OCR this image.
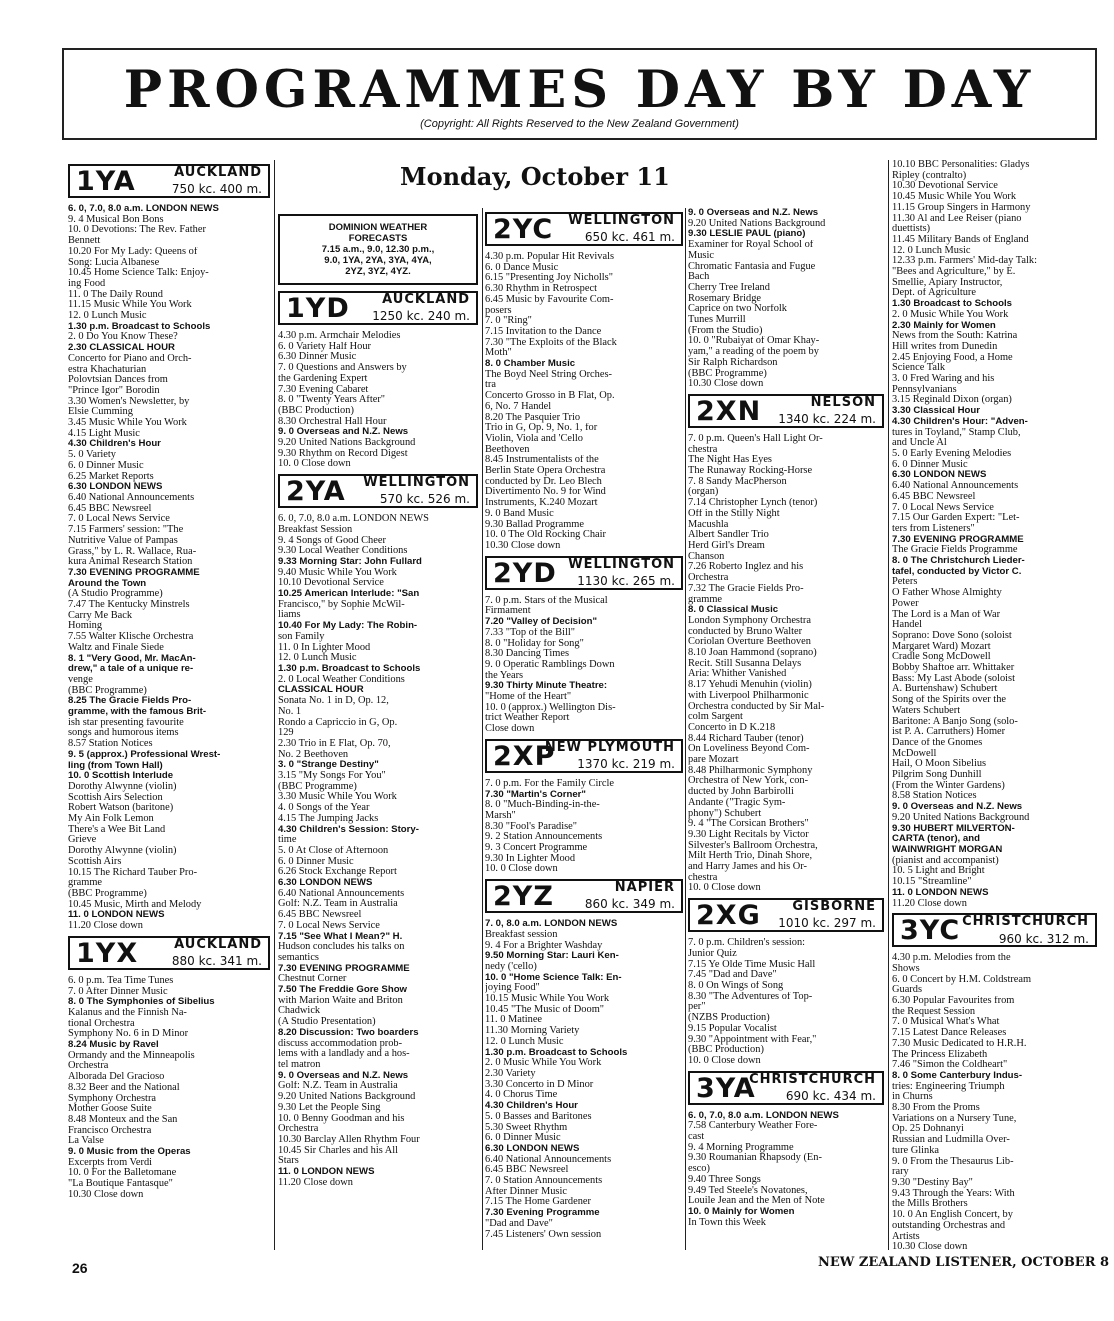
PROGRAMMES DAY BY DAY
(Copyright: All Rights Reserved to the New Zealand Government)
Monday, October 11
1YA	AUCKLAND
750 kc. 400 m.
6. 0, 7.0, 8.0 a.m. LONDON NEWS
9. 4 Musical Bon Bons
10. 0 Devotions: The Rev. Father
Bennett
10.20 For My Lady: Queens of
Song: Lucia Albanese
10.45 Home Science Talk: Enjoy-
ing Food
11. 0 The Daily Round
11.15 Music While You Work
12. 0 Lunch Music
1.30 p.m. Broadcast to Schools
2. 0 Do You Know These?
2.30 CLASSICAL HOUR
Concerto for Piano and Orch-
estra Khachaturian
Polovtsian Dances from
"Prince Igor" Borodin
3.30 Women's Newsletter, by
Elsie Cumming
3.45 Music While You Work
4.15 Light Music
4.30 Children's Hour
5. 0 Variety
6. 0 Dinner Music
6.25 Market Reports
6.30 LONDON NEWS
6.40 National Announcements
6.45 BBC Newsreel
7. 0 Local News Service
7.15 Farmers' session: "The
Nutritive Value of Pampas
Grass," by L. R. Wallace, Rua-
kura Animal Research Station
7.30 EVENING PROGRAMME
Around the Town
(A Studio Programme)
7.47 The Kentucky Minstrels
Carry Me Back
Homing
7.55 Walter Klische Orchestra
Waltz and Finale Siede
8. 1 "Very Good, Mr. MacAn-
drew," a tale of a unique re-
venge
(BBC Programme)
8.25 The Gracie Fields Pro-
gramme, with the famous Brit-
ish star presenting favourite
songs and humorous items
8.57 Station Notices
9. 5 (approx.) Professional Wrest-
ling (from Town Hall)
10. 0 Scottish Interlude
Dorothy Alwynne (violin)
Scottish Airs Selection
Robert Watson (baritone)
My Ain Folk Lemon
There's a Wee Bit Land
Grieve
Dorothy Alwynne (violin)
Scottish Airs
10.15 The Richard Tauber Pro-
gramme
(BBC Programme)
10.45 Music, Mirth and Melody
11. 0 LONDON NEWS
11.20 Close down
1YX	AUCKLAND
880 kc. 341 m.
6. 0 p.m. Tea Time Tunes
7. 0 After Dinner Music
8. 0 The Symphonies of Sibelius
Kalanus and the Finnish Na-
tional Orchestra
Symphony No. 6 in D Minor
8.24 Music by Ravel
Ormandy and the Minneapolis
Orchestra
Alborada Del Gracioso
8.32 Beer and the National
Symphony Orchestra
Mother Goose Suite
8.48 Monteux and the San
Francisco Orchestra
La Valse
9. 0 Music from the Operas
Excerpts from Verdi
10. 0 For the Balletomane
"La Boutique Fantasque"
10.30 Close down
DOMINION WEATHER
FORECASTS
7.15 a.m., 9.0, 12.30 p.m.,
9.0, 1YA, 2YA, 3YA, 4YA,
2YZ, 3YZ, 4YZ.
1YD AUCKLAND
1250 kc. 240 m.
4.30 p.m. Armchair Melodies
6. 0 Variety Half Hour
6.30 Dinner Music
7. 0 Questions and Answers by
the Gardening Expert
7.30 Evening Cabaret
8. 0 "Twenty Years After"
(BBC Production)
8.30 Orchestral Hall Hour
9. 0 Overseas and N.Z. News
9.20 United Nations Background
9.30 Rhythm on Record Digest
10. 0 Close down
2YA WELLINGTON
570 kc. 526 m.
6. 0, 7.0, 8.0 a.m. LONDON NEWS
Breakfast Session
9. 4 Songs of Good Cheer
9.30 Local Weather Conditions
9.33 Morning Star: John Fullard
9.40 Music While You Work
10.10 Devotional Service
10.25 American Interlude: "San
Francisco," by Sophie McWil-
liams
10.40 For My Lady: The Robin-
son Family
11. 0 In Lighter Mood
12. 0 Lunch Music
1.30 p.m. Broadcast to Schools
2. 0 Local Weather Conditions
CLASSICAL HOUR
Sonata No. 1 in D, Op. 12,
No. 1
Rondo a Capriccio in G, Op.
129
2.30 Trio in E Flat, Op. 70,
No. 2 Beethoven
3. 0 "Strange Destiny"
3.15 "My Songs For You"
(BBC Programme)
3.30 Music While You Work
4. 0 Songs of the Year
4.15 The Jumping Jacks
4.30 Children's Session: Story-
time
5. 0 At Close of Afternoon
6. 0 Dinner Music
6.26 Stock Exchange Report
6.30 LONDON NEWS
6.40 National Announcements
Golf: N.Z. Team in Australia
6.45 BBC Newsreel
7. 0 Local News Service
7.15 "See What I Mean?" H.
Hudson concludes his talks on
semantics
7.30 EVENING PROGRAMME
Chestnut Corner
7.50 The Freddie Gore Show
with Marion Waite and Briton
Chadwick
(A Studio Presentation)
8.20 Discussion: Two boarders
discuss accommodation prob-
lems with a landlady and a hos-
tel matron
9. 0 Overseas and N.Z. News
Golf: N.Z. Team in Australia
9.20 United Nations Background
9.30 Let the People Sing
10. 0 Benny Goodman and his
Orchestra
10.30 Barclay Allen Rhythm Four
10.45 Sir Charles and his All
Stars
11. 0 LONDON NEWS
11.20 Close down
2YC WELLINGTON
650 kc. 461 m.
4.30 p.m. Popular Hit Revivals
6. 0 Dance Music
6.15 "Presenting Joy Nicholls"
6.30 Rhythm in Retrospect
6.45 Music by Favourite Com-
posers
7. 0 "Ring"
7.15 Invitation to the Dance
7.30 "The Exploits of the Black
Moth"
8. 0 Chamber Music
The Boyd Neel String Orches-
tra
Concerto Grosso in B Flat, Op.
6, No. 7 Handel
8.20 The Pasquier Trio
Trio in G, Op. 9, No. 1, for
Violin, Viola and 'Cello
Beethoven
8.45 Instrumentalists of the
Berlin State Opera Orchestra
conducted by Dr. Leo Blech
Divertimento No. 9 for Wind
Instruments, K.240 Mozart
9. 0 Band Music
9.30 Ballad Programme
10. 0 The Old Rocking Chair
10.30 Close down
2YD WELLINGTON
1130 kc. 265 m.
7. 0 p.m. Stars of the Musical
Firmament
7.20 "Valley of Decision"
7.33 "Top of the Bill"
8. 0 "Holiday for Song"
8.30 Dancing Times
9. 0 Operatic Ramblings Down
the Years
9.30 Thirty Minute Theatre:
"Home of the Heart"
10. 0 (approx.) Wellington Dis-
trict Weather Report
Close down
2XP
NEW PLYMOUTH
1370 kc. 219 m.
7. 0 p.m. For the Family Circle
7.30 "Martin's Corner"
8. 0 "Much-Binding-in-the-
Marsh"
8.30 "Fool's Paradise"
9. 2 Station Announcements
9. 3 Concert Programme
9.30 In Lighter Mood
10. 0 Close down
2YZ	NAPIER
860 kc. 349 m.
7. 0, 8.0 a.m. LONDON NEWS
Breakfast session
9. 4 For a Brighter Washday
9.50 Morning Star: Lauri Ken-
nedy ('cello)
10. 0 "Home Science Talk: En-
joying Food"
10.15 Music While You Work
10.45 "The Music of Doom"
11. 0 Matinee
11.30 Morning Variety
12. 0 Lunch Music
1.30 p.m. Broadcast to Schools
2. 0 Music While You Work
2.30 Variety
3.30 Concerto in D Minor
4. 0 Chorus Time
4.30 Children's Hour
5. 0 Basses and Baritones
5.30 Sweet Rhythm
6. 0 Dinner Music
6.30 LONDON NEWS
6.40 National Announcements
6.45 BBC Newsreel
7. 0 Station Announcements
After Dinner Music
7.15 The Home Gardener
7.30 Evening Programme
"Dad and Dave"
7.45 Listeners' Own session
9. 0 Overseas and N.Z. News
9.20 United Nations Background
9.30 LESLIE PAUL (piano)
Examiner for Royal School of
Music
Chromatic Fantasia and Fugue
Bach
Cherry Tree Ireland
Rosemary Bridge
Caprice on two Norfolk
Tunes Murrill
(From the Studio)
10. 0 "Rubaiyat of Omar Khay-
yam," a reading of the poem by
Sir Ralph Richardson
(BBC Programme)
10.30 Close down
2XN	NELSON
1340 kc. 224 m.
7. 0 p.m. Queen's Hall Light Or-
chestra
The Night Has Eyes
The Runaway Rocking-Horse
7. 8 Sandy MacPherson
(organ)
7.14 Christopher Lynch (tenor)
Off in the Stilly Night
Macushla
Albert Sandler Trio
Herd Girl's Dream
Chanson
7.26 Roberto Inglez and his
Orchestra
7.32 The Gracie Fields Pro-
gramme
8. 0 Classical Music
London Symphony Orchestra
conducted by Bruno Walter
Coriolan Overture Beethoven
8.10 Joan Hammond (soprano)
Recit. Still Susanna Delays
Aria: Whither Vanished
8.17 Yehudi Menuhin (violin)
with Liverpool Philharmonic
Orchestra conducted by Sir Mal-
colm Sargent
Concerto in D K.218
8.44 Richard Tauber (tenor)
On Loveliness Beyond Com-
pare Mozart
8.48 Philharmonic Symphony
Orchestra of New York, con-
ducted by John Barbirolli
Andante ("Tragic Sym-
phony") Schubert
9. 4 "The Corsican Brothers"
9.30 Light Recitals by Victor
Silvester's Ballroom Orchestra,
Milt Herth Trio, Dinah Shore,
and Harry James and his Or-
chestra
10. 0 Close down
2XG GISBORNE
1010 kc. 297 m.
7. 0 p.m. Children's session:
Junior Quiz
7.15 Ye Olde Time Music Hall
7.45 "Dad and Dave"
8. 0 On Wings of Song
8.30 "The Adventures of Top-
per"
(NZBS Production)
9.15 Popular Vocalist
9.30 "Appointment with Fear,"
(BBC Production)
10. 0 Close down
3YA
CHRISTCHURCH
690 kc. 434 m.
6. 0, 7.0, 8.0 a.m. LONDON NEWS
7.58 Canterbury Weather Fore-
cast
9. 4 Morning Programme
9.30 Roumanian Rhapsody (En-
esco)
9.40 Three Songs
9.49 Ted Steele's Novatones,
Louile Jean and the Men of Note
10. 0 Mainly for Women
In Town this Week
10.10 BBC Personalities: Gladys
Ripley (contralto)
10.30 Devotional Service
10.45 Music While You Work
11.15 Group Singers in Harmony
11.30 Al and Lee Reiser (piano
duettists)
11.45 Military Bands of England
12. 0 Lunch Music
12.33 p.m. Farmers' Mid-day Talk:
"Bees and Agriculture," by E.
Smellie, Apiary Instructor,
Dept. of Agriculture
1.30 Broadcast to Schools
2. 0 Music While You Work
2.30 Mainly for Women
News from the South: Katrina
Hill writes from Dunedin
2.45 Enjoying Food, a Home
Science Talk
3. 0 Fred Waring and his
Pennsylvanians
3.15 Reginald Dixon (organ)
3.30 Classical Hour
4.30 Children's Hour: "Adven-
tures in Toyland," Stamp Club,
and Uncle Al
5. 0 Early Evening Melodies
6. 0 Dinner Music
6.30 LONDON NEWS
6.40 National Announcements
6.45 BBC Newsreel
7. 0 Local News Service
7.15 Our Garden Expert: "Let-
ters from Listeners"
7.30 EVENING PROGRAMME
The Gracie Fields Programme
8. 0 The Christchurch Lieder-
tafel, conducted by Victor C.
Peters
O Father Whose Almighty
Power
The Lord is a Man of War
Handel
Soprano: Dove Sono (soloist
Margaret Ward) Mozart
Cradle Song McDowell
Bobby Shaftoe arr. Whittaker
Bass: My Last Abode (soloist
A. Burtenshaw) Schubert
Song of the Spirits over the
Waters Schubert
Baritone: A Banjo Song (solo-
ist P. A. Carruthers) Homer
Dance of the Gnomes
McDowell
Hail, O Moon Sibelius
Pilgrim Song Dunhill
(From the Winter Gardens)
8.58 Station Notices
9. 0 Overseas and N.Z. News
9.20 United Nations Background
9.30 HUBERT MILVERTON-
CARTA (tenor), and
WAINWRIGHT MORGAN
(pianist and accompanist)
10. 5 Light and Bright
10.15 "Streamline"
11. 0 LONDON NEWS
11.20 Close down
3YC CHRISTCHURCH
960 kc. 312 m.
4.30 p.m. Melodies from the
Shows
6. 0 Concert by H.M. Coldstream
Guards
6.30 Popular Favourites from
the Request Session
7. 0 Musical What's What
7.15 Latest Dance Releases
7.30 Music Dedicated to H.R.H.
The Princess Elizabeth
7.46 "Simon the Coldheart"
8. 0 Some Canterbury Indus-
tries: Engineering Triumph
in Churns
8.30 From the Proms
Variations on a Nursery Tune,
Op. 25 Dohnanyi
Russian and Ludmilla Over-
ture Glinka
9. 0 From the Thesaurus Lib-
rary
9.30 "Destiny Bay"
9.43 Through the Years: With
the Mills Brothers
10. 0 An English Concert, by
outstanding Orchestras and
Artists
10.30 Close down
26	NEW ZEALAND LISTENER, OCTOBER 8
